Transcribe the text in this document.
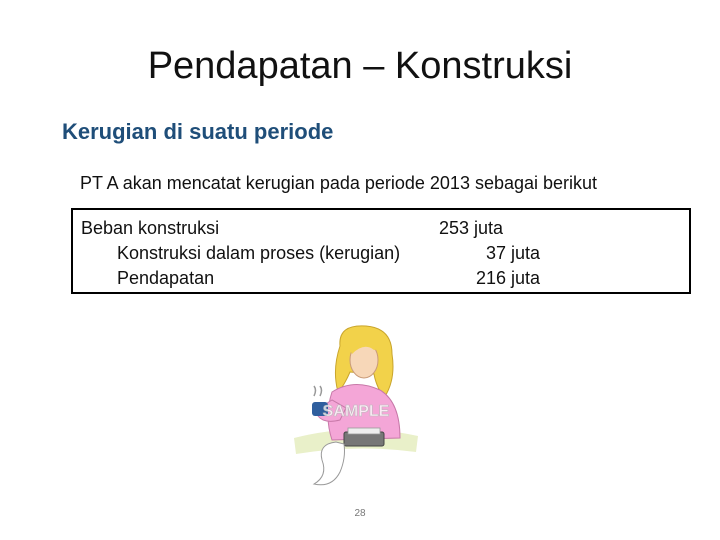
Pendapatan – Konstruksi
Kerugian di suatu periode
PT A akan mencatat kerugian pada periode 2013 sebagai berikut
Beban konstruksi	253 juta
Konstruksi dalam proses (kerugian)	37 juta
Pendapatan	216 juta
SAMPLE
28
